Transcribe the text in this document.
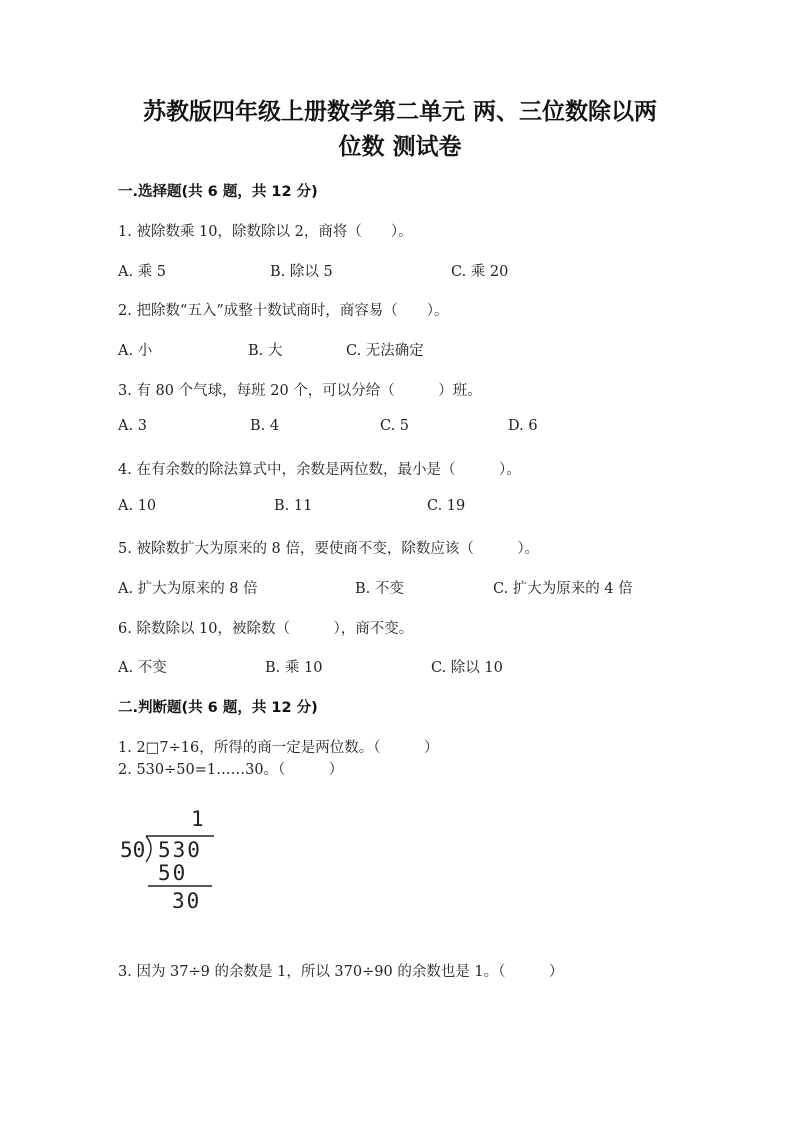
苏教版四年级上册数学第二单元 两、三位数除以两
位数 测试卷
一.选择题(共 6 题，共 12 分)
1. 被除数乘 10，除数除以 2，商将（　　）。
A. 乘 5	B. 除以 5	C. 乘 20
2. 把除数“五入”成整十数试商时，商容易（　　）。
A. 小	B. 大	C. 无法确定
3. 有 80 个气球，每班 20 个，可以分给（　　　）班。
A. 3	B. 4	C. 5	D. 6
4. 在有余数的除法算式中，余数是两位数，最小是（　　　）。
A. 10	B. 11	C. 19
5. 被除数扩大为原来的 8 倍，要使商不变，除数应该（　　　）。
A. 扩大为原来的 8 倍	B. 不变	C. 扩大为原来的 4 倍
6. 除数除以 10，被除数（　　　），商不变。
A. 不变	B. 乘 10	C. 除以 10
二.判断题(共 6 题，共 12 分)
1. 2□7÷16，所得的商一定是两位数。（　　　）
2. 530÷50=1……30。（　　　）
1
50 530
50
30
3. 因为 37÷9 的余数是 1，所以 370÷90 的余数也是 1。（　　　）
